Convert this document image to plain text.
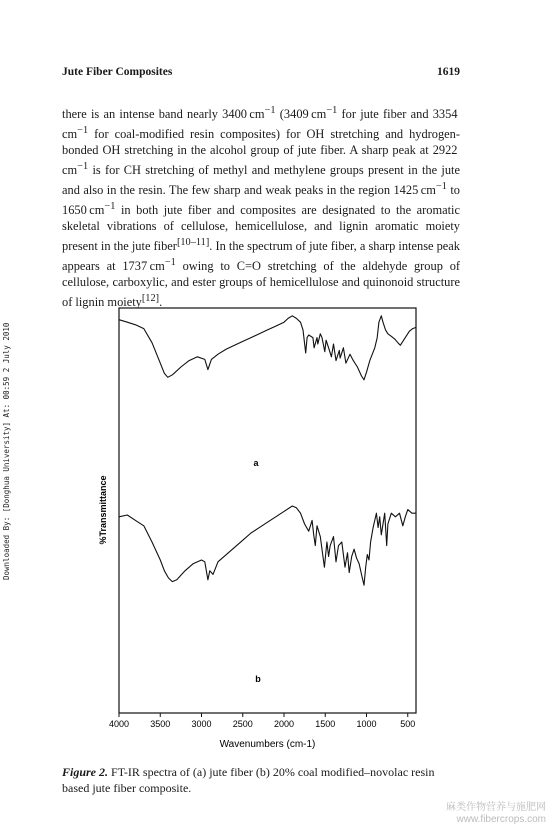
Jute Fiber Composites	1619

there is an intense band nearly 3400 $cm^{-1}$ (3409 $cm^{-1}$ for jute fiber and 3354 $cm^{-1}$ for coal-modified resin composites) for OH stretching and hydrogen-bonded OH stretching in the alcohol group of jute fiber. A sharp peak at 2922 $cm^{-1}$ is for CH stretching of methyl and methylene groups present in the jute and also in the resin. The few sharp and weak peaks in the region 1425 $cm^{-1}$ to 1650 $cm^{-1}$ in both jute fiber and composites are designated to the aromatic skeletal vibrations of cellulose, hemicellulose, and lignin aromatic moiety present in the jute fiber[10–11]. In the spectrum of jute fiber, a sharp intense peak appears at 1737 $cm^{-1}$ owing to C=O stretching of the aldehyde group of cellulose, carboxylic, and ester groups of hemicellulose and quinonoid structure of lignin moiety[12].

Downloaded By: [Donghua University] At: 00:59 2 July 2010	a
b
4000 3500 3000 2500 2000 1500 1000	500
Wavenumbers (cm-1)
%Transmittance
Figure 2. FT-IR spectra of (a) jute fiber (b) 20% coal modified–novolac resin based jute fiber composite.
麻类作物营养与施肥网
www.fibercrops.com
